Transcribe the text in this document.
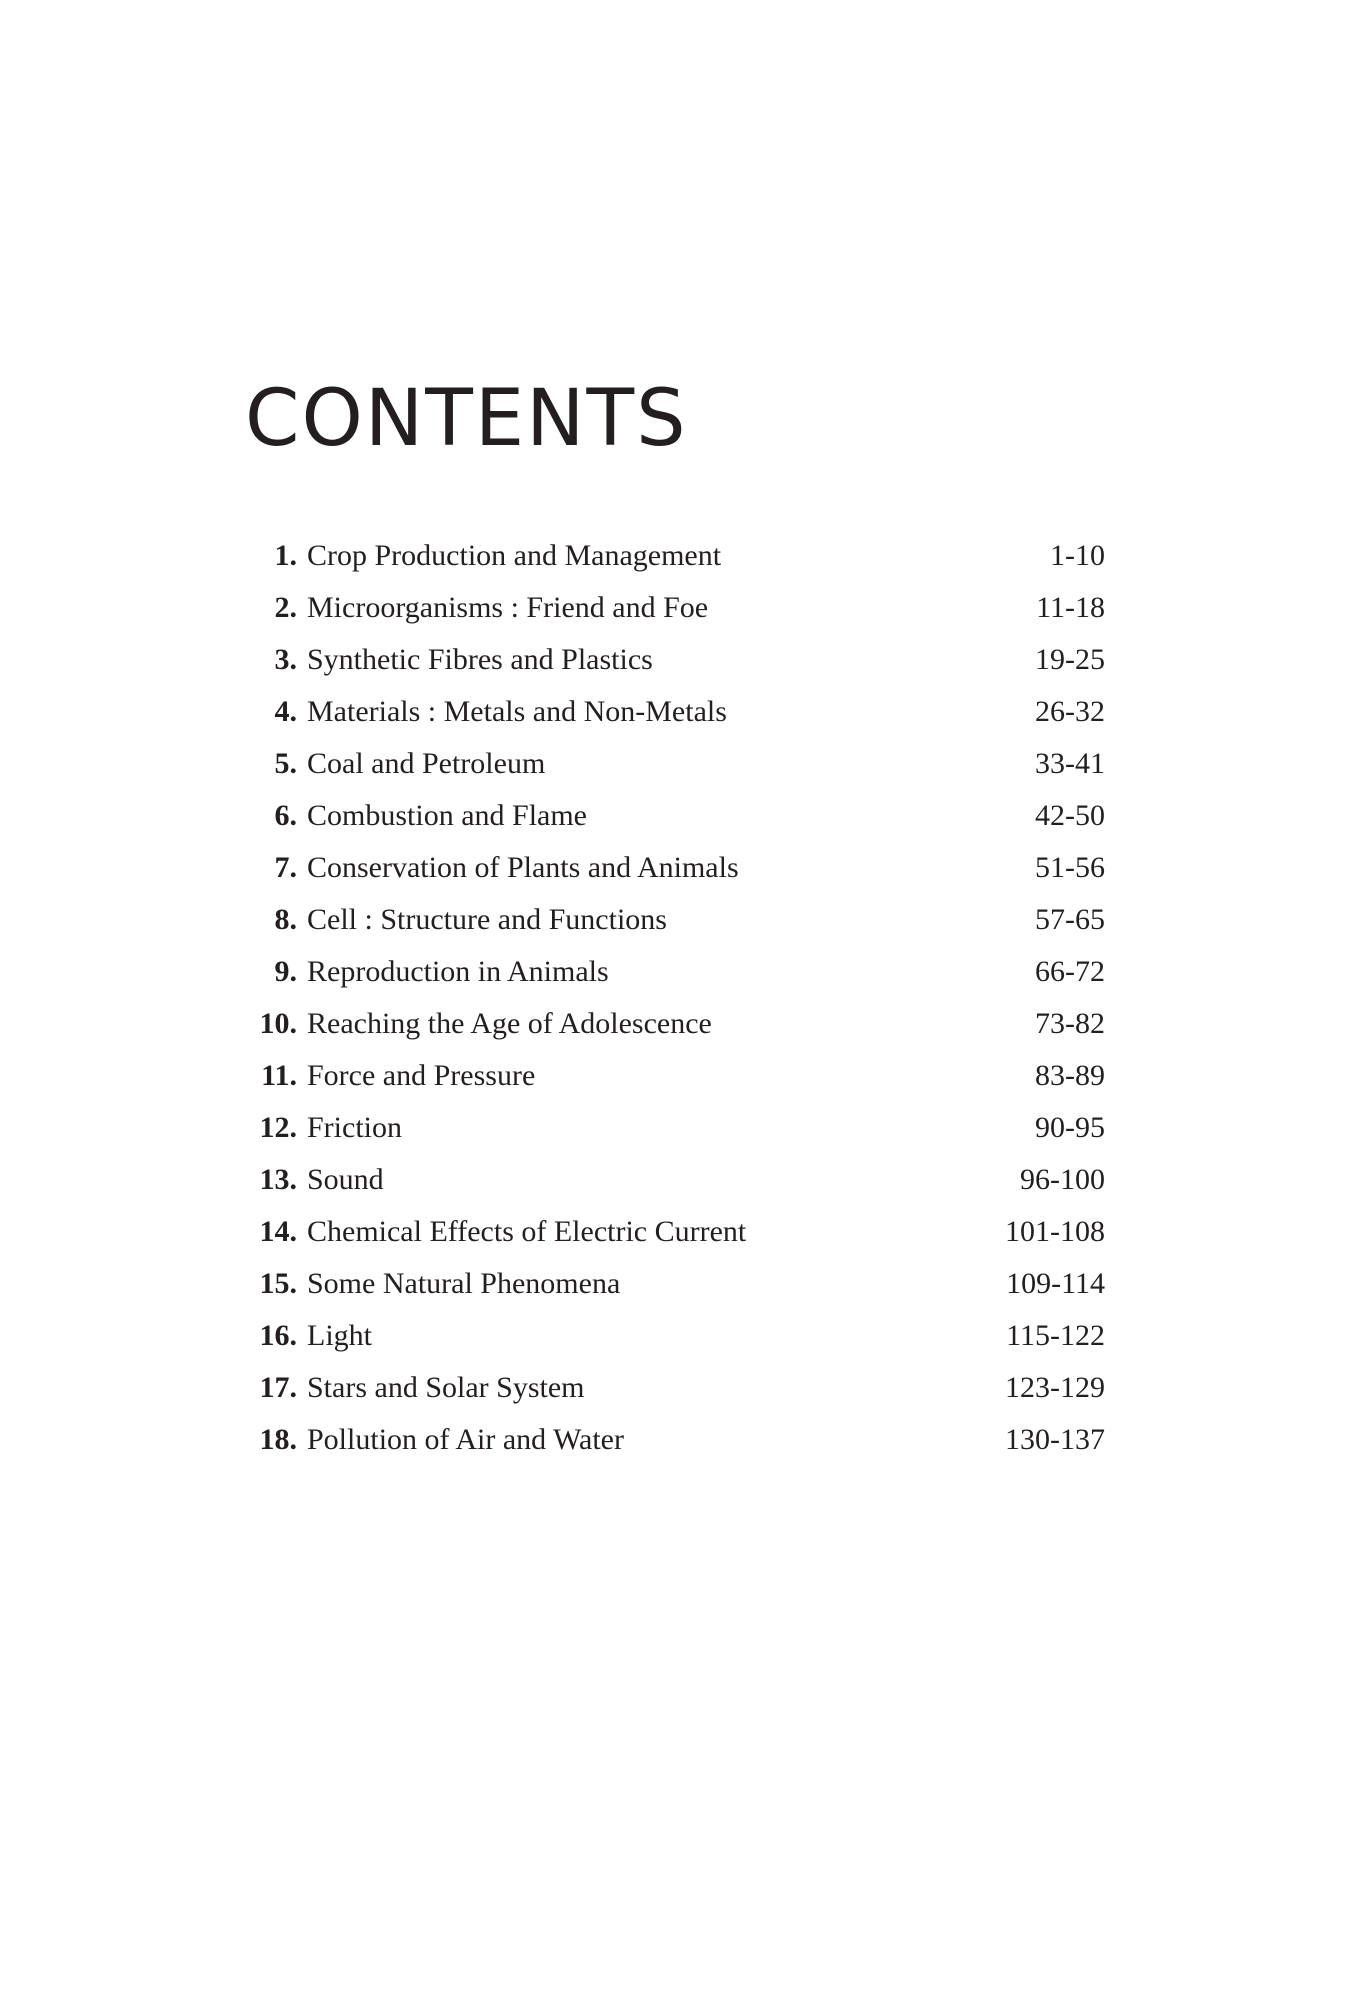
CONTENTS
1. Crop Production and Management	1-10
2. Microorganisms : Friend and Foe	11-18
3. Synthetic Fibres and Plastics	19-25
4. Materials : Metals and Non-Metals	26-32
5. Coal and Petroleum	33-41
6. Combustion and Flame	42-50
7. Conservation of Plants and Animals	51-56
8. Cell : Structure and Functions	57-65
9. Reproduction in Animals	66-72
10. Reaching the Age of Adolescence	73-82
11. Force and Pressure	83-89
12. Friction	90-95
13. Sound	96-100
14. Chemical Effects of Electric Current	101-108
15. Some Natural Phenomena	109-114
16. Light	115-122
17. Stars and Solar System	123-129
18. Pollution of Air and Water	130-137
